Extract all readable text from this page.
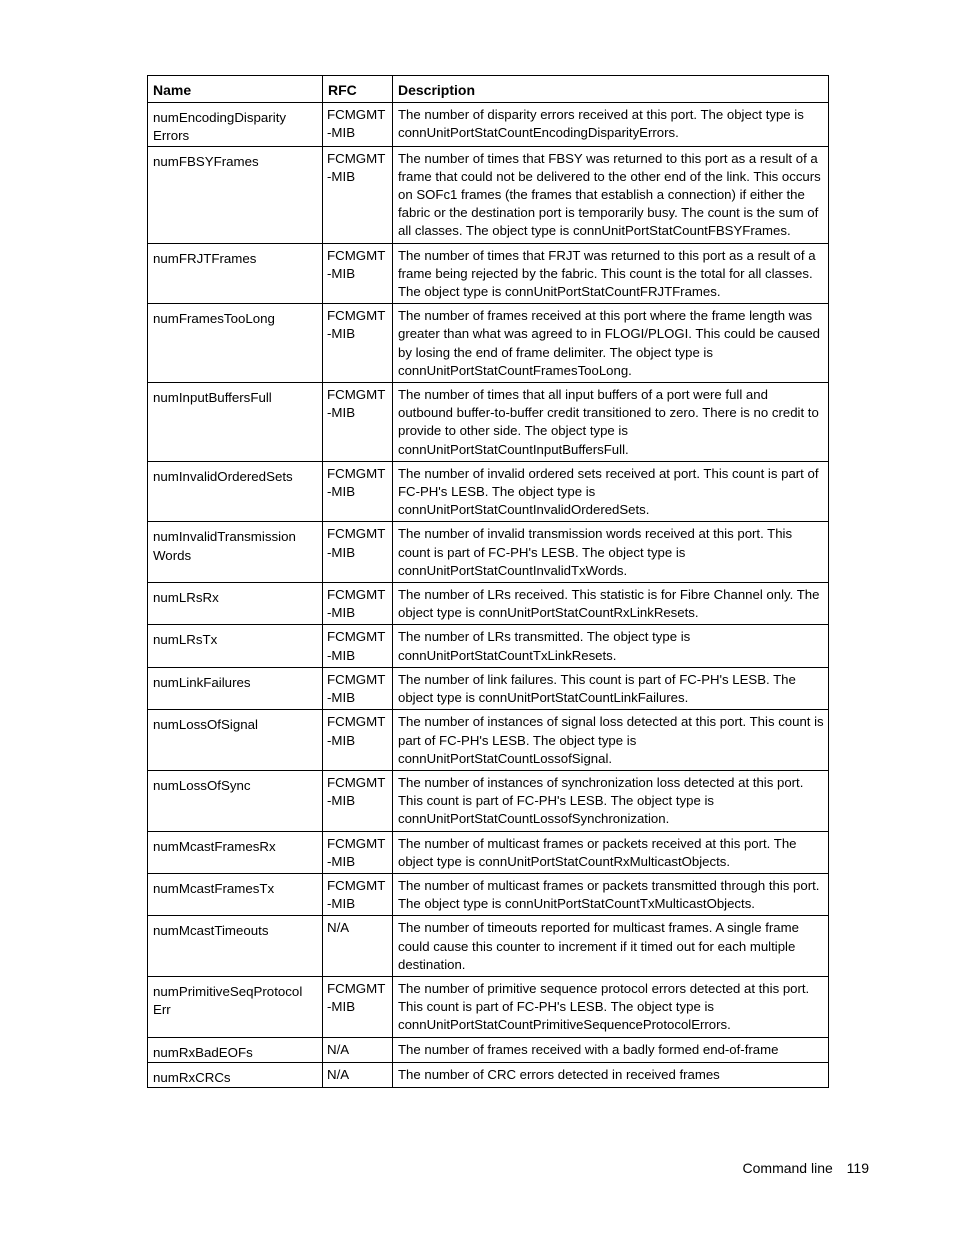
Name	RFC	Description
numEncodingDisparity Errors	FCMGMT -MIB	The number of disparity errors received at this port. The object type is connUnitPortStatCountEncodingDisparityErrors.
numFBSYFrames	FCMGMT -MIB	The number of times that FBSY was returned to this port as a result of a frame that could not be delivered to the other end of the link. This occurs on SOFc1 frames (the frames that establish a connection) if either the fabric or the destination port is temporarily busy. The count is the sum of all classes. The object type is connUnitPortStatCountFBSYFrames.
numFRJTFrames	FCMGMT -MIB	The number of times that FRJT was returned to this port as a result of a frame being rejected by the fabric. This count is the total for all classes. The object type is connUnitPortStatCountFRJTFrames.
numFramesTooLong	FCMGMT -MIB	The number of frames received at this port where the frame length was greater than what was agreed to in FLOGI/PLOGI. This could be caused by losing the end of frame delimiter. The object type is connUnitPortStatCountFramesTooLong.
numInputBuffersFull	FCMGMT -MIB	The number of times that all input buffers of a port were full and outbound buffer-to-buffer credit transitioned to zero. There is no credit to provide to other side. The object type is connUnitPortStatCountInputBuffersFull.
numInvalidOrderedSets	FCMGMT -MIB	The number of invalid ordered sets received at port. This count is part of FC-PH's LESB. The object type is connUnitPortStatCountInvalidOrderedSets.
numInvalidTransmission Words	FCMGMT -MIB	The number of invalid transmission words received at this port. This count is part of FC-PH's LESB. The object type is connUnitPortStatCountInvalidTxWords.
numLRsRx	FCMGMT -MIB	The number of LRs received. This statistic is for Fibre Channel only. The object type is connUnitPortStatCountRxLinkResets.
numLRsTx	FCMGMT -MIB	The number of LRs transmitted. The object type is connUnitPortStatCountTxLinkResets.
numLinkFailures	FCMGMT -MIB	The number of link failures. This count is part of FC-PH's LESB. The object type is connUnitPortStatCountLinkFailures.
numLossOfSignal	FCMGMT -MIB	The number of instances of signal loss detected at this port. This count is part of FC-PH's LESB. The object type is connUnitPortStatCountLossofSignal.
numLossOfSync	FCMGMT -MIB	The number of instances of synchronization loss detected at this port. This count is part of FC-PH's LESB. The object type is connUnitPortStatCountLossofSynchronization.
numMcastFramesRx	FCMGMT -MIB	The number of multicast frames or packets received at this port. The object type is connUnitPortStatCountRxMulticastObjects.
numMcastFramesTx	FCMGMT -MIB	The number of multicast frames or packets transmitted through this port. The object type is connUnitPortStatCountTxMulticastObjects.
numMcastTimeouts	N/A	The number of timeouts reported for multicast frames. A single frame could cause this counter to increment if it timed out for each multiple destination.
numPrimitiveSeqProtocol Err	FCMGMT -MIB	The number of primitive sequence protocol errors detected at this port. This count is part of FC-PH's LESB. The object type is connUnitPortStatCountPrimitiveSequenceProtocolErrors.
numRxBadEOFs	N/A	The number of frames received with a badly formed end-of-frame
numRxCRCs	N/A	The number of CRC errors detected in received frames
Command line 119
